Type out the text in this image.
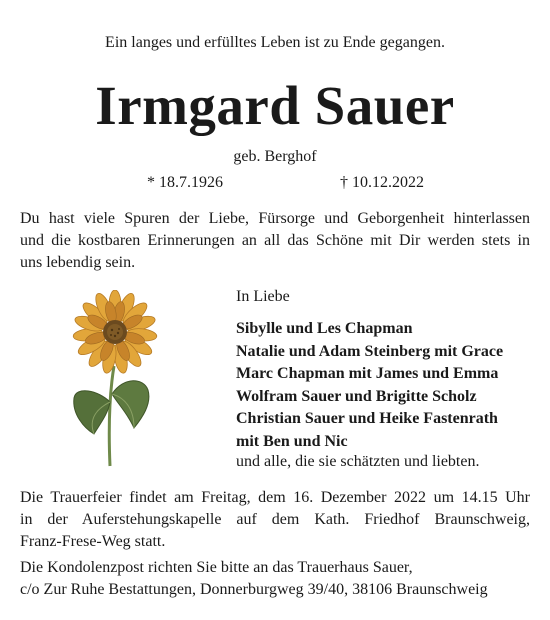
Ein langes und erfülltes Leben ist zu Ende gegangen.
Irmgard Sauer
geb. Berghof
* 18.7.1926	† 10.12.2022
Du hast viele Spuren der Liebe, Fürsorge und Geborgenheit hinterlassen
und die kostbaren Erinnerungen an all das Schöne mit Dir werden stets in
uns lebendig sein.
In Liebe
Sibylle und Les Chapman
Natalie und Adam Steinberg mit Grace
Marc Chapman mit James und Emma
Wolfram Sauer und Brigitte Scholz
Christian Sauer und Heike Fastenrath
mit Ben und Nic
und alle, die sie schätzten und liebten.
Die Trauerfeier findet am Freitag, dem 16. Dezember 2022 um 14.15 Uhr
in der Auferstehungskapelle auf dem Kath. Friedhof Braunschweig,
Franz-Frese-Weg statt.
Die Kondolenzpost richten Sie bitte an das Trauerhaus Sauer,
c/o Zur Ruhe Bestattungen, Donnerburgweg 39/40, 38106 Braunschweig
